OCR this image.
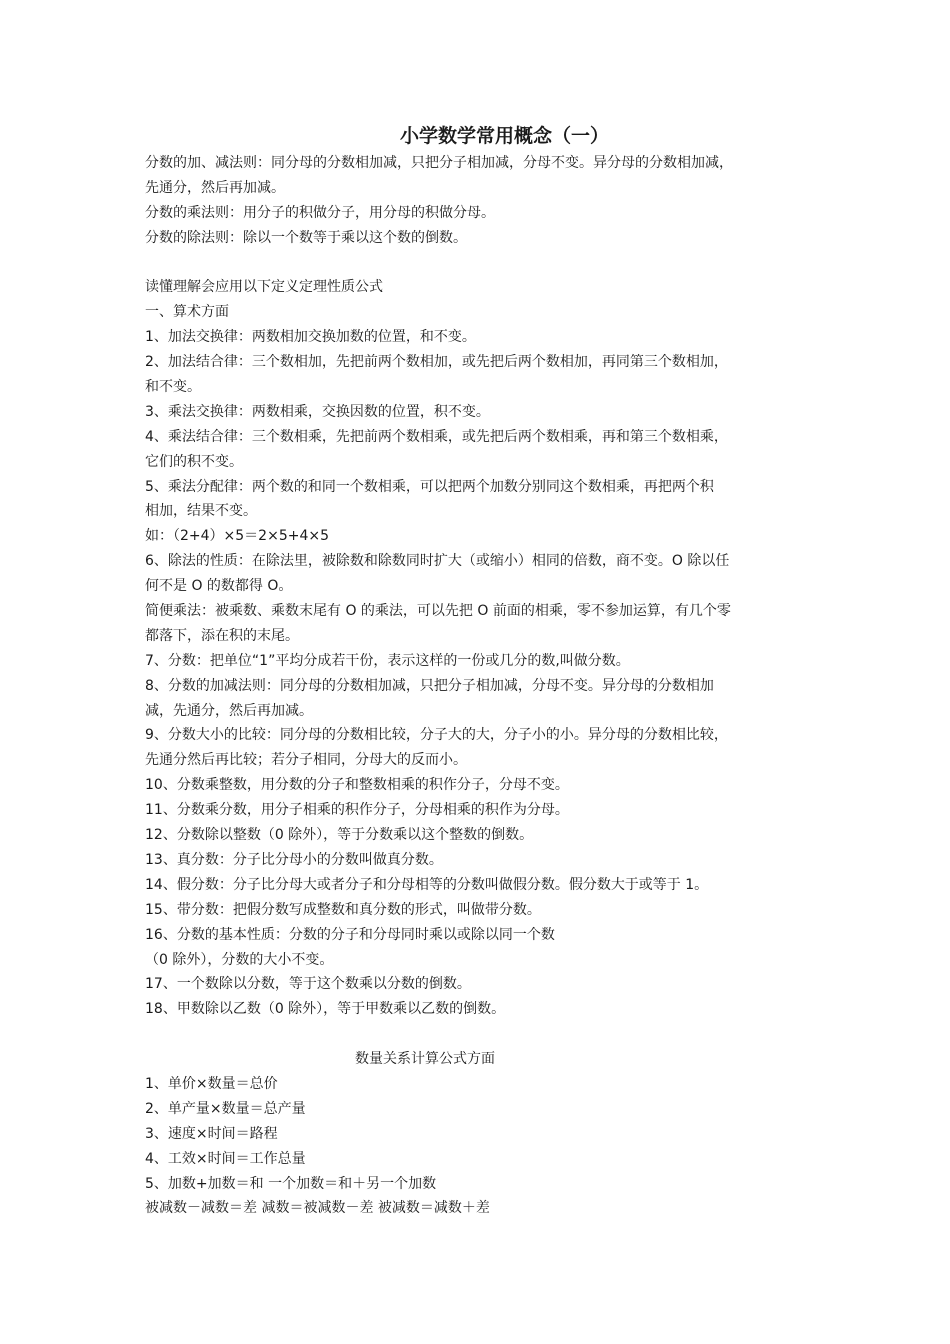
小学数学常用概念（一）
分数的加、减法则：同分母的分数相加减，只把分子相加减，分母不变。异分母的分数相加减，
先通分，然后再加减。
分数的乘法则：用分子的积做分子，用分母的积做分母。
分数的除法则：除以一个数等于乘以这个数的倒数。
读懂理解会应用以下定义定理性质公式
一、算术方面
1、加法交换律：两数相加交换加数的位置，和不变。
2、加法结合律：三个数相加，先把前两个数相加，或先把后两个数相加，再同第三个数相加，
和不变。
3、乘法交换律：两数相乘，交换因数的位置，积不变。
4、乘法结合律：三个数相乘，先把前两个数相乘，或先把后两个数相乘，再和第三个数相乘，
它们的积不变。
5、乘法分配律：两个数的和同一个数相乘，可以把两个加数分别同这个数相乘，再把两个积
相加，结果不变。
如：（2+4）×5＝2×5+4×5
6、除法的性质：在除法里，被除数和除数同时扩大（或缩小）相同的倍数，商不变。O 除以任
何不是 O 的数都得 O。
简便乘法：被乘数、乘数末尾有 O 的乘法，可以先把 O 前面的相乘，零不参加运算，有几个零
都落下，添在积的末尾。
7、分数：把单位“1”平均分成若干份，表示这样的一份或几分的数,叫做分数。
8、分数的加减法则：同分母的分数相加减，只把分子相加减，分母不变。异分母的分数相加
减，先通分，然后再加减。
9、分数大小的比较：同分母的分数相比较，分子大的大，分子小的小。异分母的分数相比较，
先通分然后再比较；若分子相同，分母大的反而小。
10、分数乘整数，用分数的分子和整数相乘的积作分子，分母不变。
11、分数乘分数，用分子相乘的积作分子，分母相乘的积作为分母。
12、分数除以整数（0 除外），等于分数乘以这个整数的倒数。
13、真分数：分子比分母小的分数叫做真分数。
14、假分数：分子比分母大或者分子和分母相等的分数叫做假分数。假分数大于或等于 1。
15、带分数：把假分数写成整数和真分数的形式，叫做带分数。
16、分数的基本性质：分数的分子和分母同时乘以或除以同一个数
（0 除外），分数的大小不变。
17、一个数除以分数，等于这个数乘以分数的倒数。
18、甲数除以乙数（0 除外），等于甲数乘以乙数的倒数。
数量关系计算公式方面
1、单价×数量＝总价
2、单产量×数量＝总产量
3、速度×时间＝路程
4、工效×时间＝工作总量
5、加数+加数＝和 一个加数＝和＋另一个加数
被减数－减数＝差 减数＝被减数－差 被减数＝减数＋差
